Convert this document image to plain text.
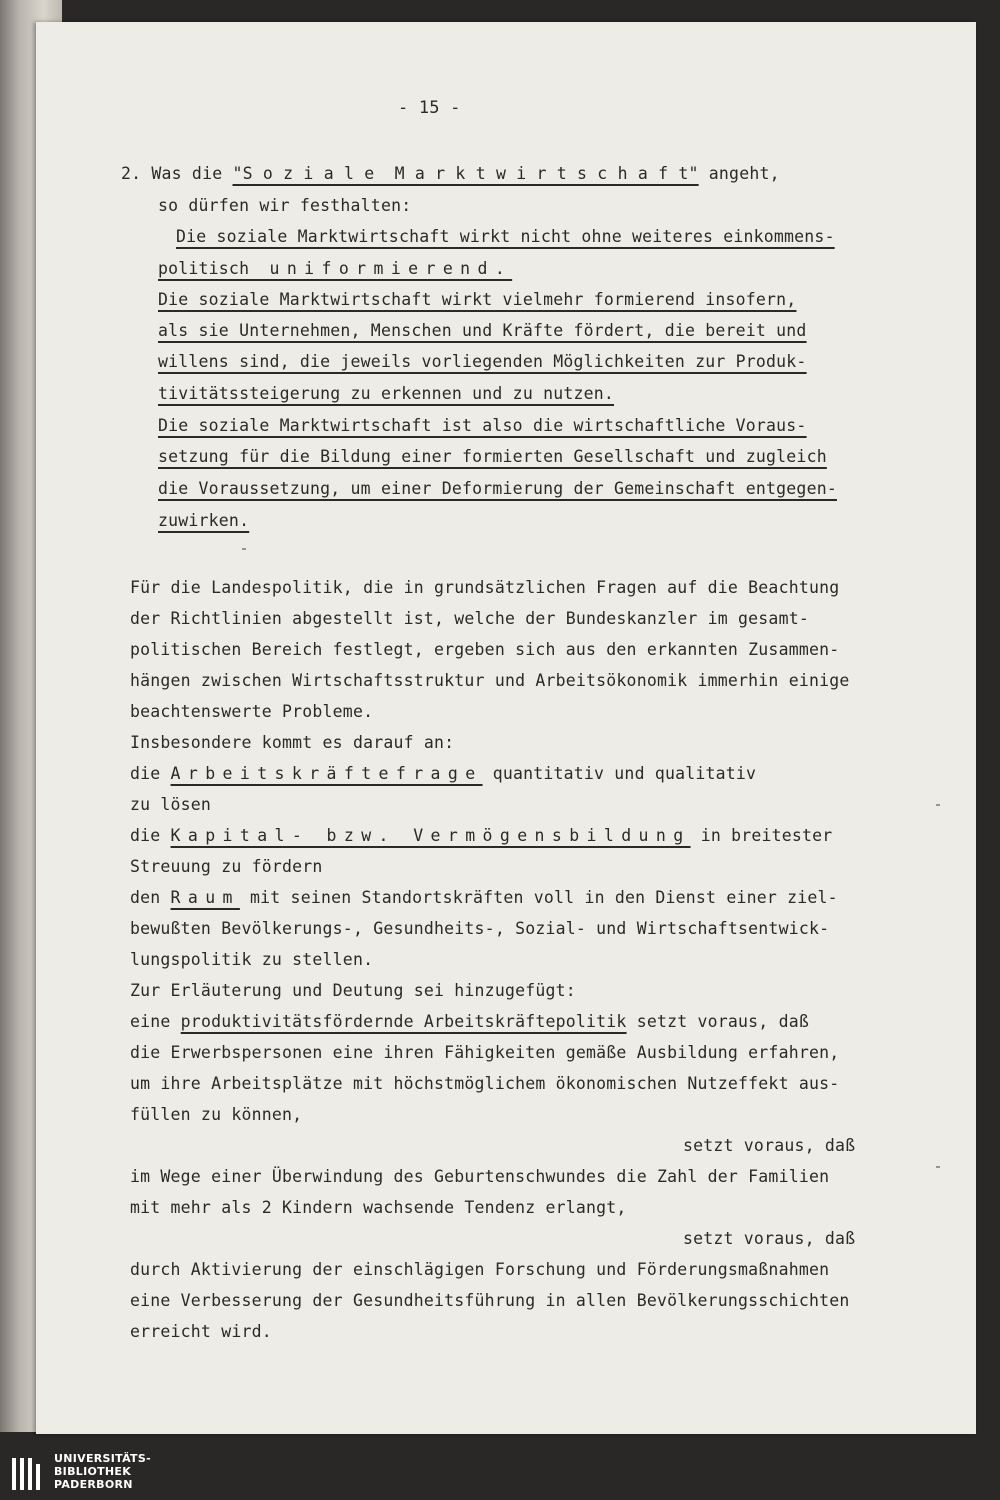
- 15 -
2. Was die "S o z i a l e  M a r k t w i r t s c h a f t" angeht,
so dürfen wir festhalten:
Die soziale Marktwirtschaft wirkt nicht ohne weiteres einkommens-
politisch  uniformierend.
Die soziale Marktwirtschaft wirkt vielmehr formierend insofern,
als sie Unternehmen, Menschen und Kräfte fördert, die bereit und
willens sind, die jeweils vorliegenden Möglichkeiten zur Produk-
tivitätssteigerung zu erkennen und zu nutzen.
Die soziale Marktwirtschaft ist also die wirtschaftliche Voraus-
setzung für die Bildung einer formierten Gesellschaft und zugleich
die Voraussetzung, um einer Deformierung der Gemeinschaft entgegen-
zuwirken.
Für die Landespolitik, die in grundsätzlichen Fragen auf die Beachtung
der Richtlinien abgestellt ist, welche der Bundeskanzler im gesamt-
politischen Bereich festlegt, ergeben sich aus den erkannten Zusammen-
hängen zwischen Wirtschaftsstruktur und Arbeitsökonomik immerhin einige
beachtenswerte Probleme.
Insbesondere kommt es darauf an:
die Arbeitskräftefrage quantitativ und qualitativ
zu lösen
die Kapital- bzw. Vermögensbildung in breitester
Streuung zu fördern
den Raum mit seinen Standortskräften voll in den Dienst einer ziel-
bewußten Bevölkerungs-, Gesundheits-, Sozial- und Wirtschaftsentwick-
lungspolitik zu stellen.
Zur Erläuterung und Deutung sei hinzugefügt:
eine produktivitätsfördernde Arbeitskräftepolitik setzt voraus, daß
die Erwerbspersonen eine ihren Fähigkeiten gemäße Ausbildung erfahren,
um ihre Arbeitsplätze mit höchstmöglichem ökonomischen Nutzeffekt aus-
füllen zu können,
setzt voraus, daß
im Wege einer Überwindung des Geburtenschwundes die Zahl der Familien
mit mehr als 2 Kindern wachsende Tendenz erlangt,
setzt voraus, daß
durch Aktivierung der einschlägigen Forschung und Förderungsmaßnahmen
eine Verbesserung der Gesundheitsführung in allen Bevölkerungsschichten
erreicht wird.
UNIVERSITÄTS-
BIBLIOTHEK
PADERBORN
